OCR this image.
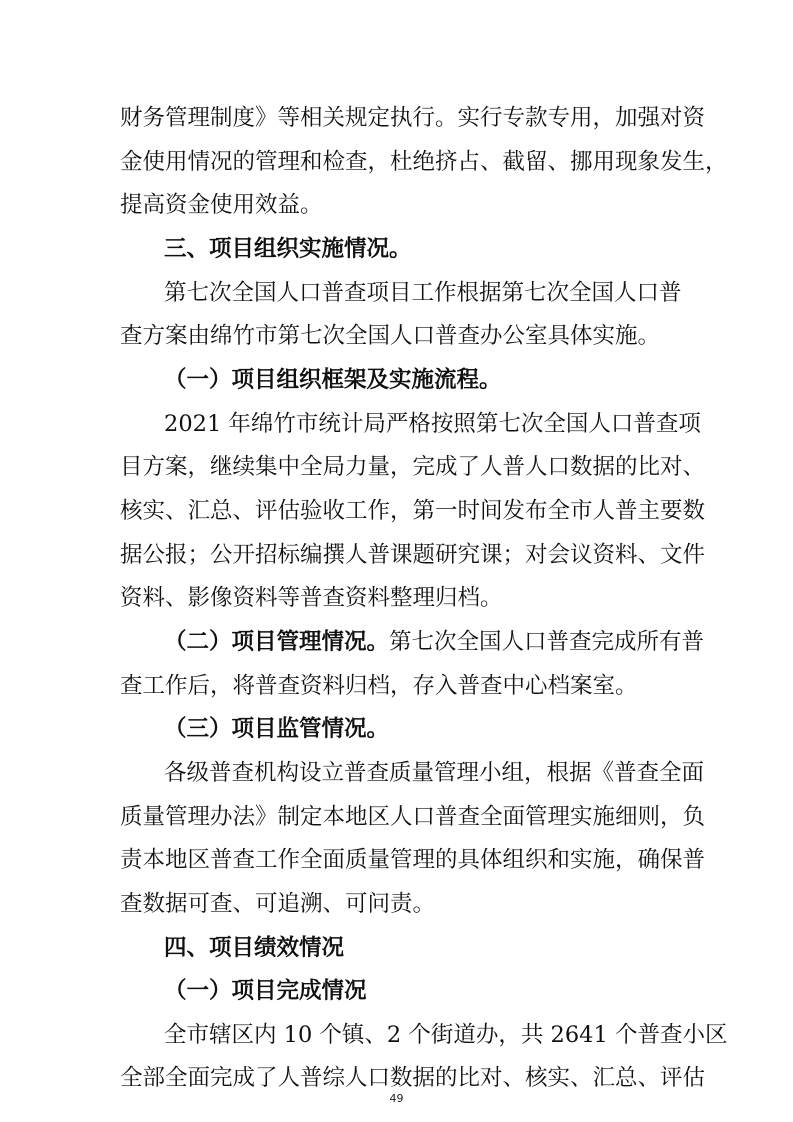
财务管理制度》等相关规定执行。实行专款专用，加强对资
金使用情况的管理和检查，杜绝挤占、截留、挪用现象发生，
提高资金使用效益。
三、项目组织实施情况。
第七次全国人口普查项目工作根据第七次全国人口普
查方案由绵竹市第七次全国人口普查办公室具体实施。
（一）项目组织框架及实施流程。
2021 年绵竹市统计局严格按照第七次全国人口普查项
目方案，继续集中全局力量，完成了人普人口数据的比对、
核实、汇总、评估验收工作，第一时间发布全市人普主要数
据公报；公开招标编撰人普课题研究课；对会议资料、文件
资料、影像资料等普查资料整理归档。
（二）项目管理情况。第七次全国人口普查完成所有普
查工作后，将普查资料归档，存入普查中心档案室。
（三）项目监管情况。
各级普查机构设立普查质量管理小组，根据《普查全面
质量管理办法》制定本地区人口普查全面管理实施细则，负
责本地区普查工作全面质量管理的具体组织和实施，确保普
查数据可查、可追溯、可问责。
四、项目绩效情况
（一）项目完成情况
全市辖区内 10 个镇、2 个街道办，共 2641 个普查小区
全部全面完成了人普综人口数据的比对、核实、汇总、评估
49
